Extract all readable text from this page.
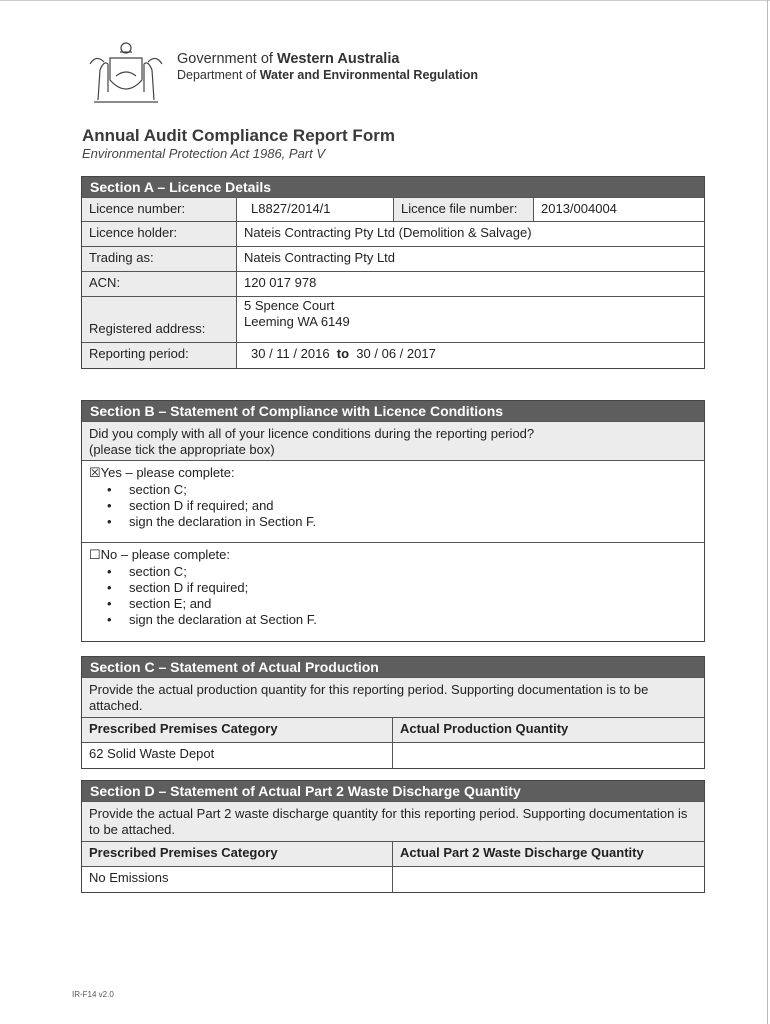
Government of Western Australia
Department of Water and Environmental Regulation
Annual Audit Compliance Report Form
Environmental Protection Act 1986, Part V
Section A – Licence Details
Licence number:	L8827/2014/1	Licence file number:	2013/004004
Licence holder:	Nateis Contracting Pty Ltd (Demolition & Salvage)		
Trading as:	Nateis Contracting Pty Ltd		
ACN:	120 017 978		
Registered address:	5 Spence Court
Leeming WA 6149		

Reporting period:	30 / 11 / 2016 to 30 / 06 / 2017		
Section B – Statement of Compliance with Licence Conditions
Did you comply with all of your licence conditions during the reporting period?
(please tick the appropriate box)
☒Yes – please complete:
• section C;
• section D if required; and
• sign the declaration in Section F.
☐No – please complete:
• section C;
• section D if required;
• section E; and
• sign the declaration at Section F.
Section C – Statement of Actual Production
Provide the actual production quantity for this reporting period. Supporting documentation is to be attached.
Prescribed Premises Category	Actual Production Quantity
62 Solid Waste Depot	
Section D – Statement of Actual Part 2 Waste Discharge Quantity
Provide the actual Part 2 waste discharge quantity for this reporting period. Supporting documentation is to be attached.
Prescribed Premises Category	Actual Part 2 Waste Discharge Quantity
No Emissions	
IR-F14 v2.0
